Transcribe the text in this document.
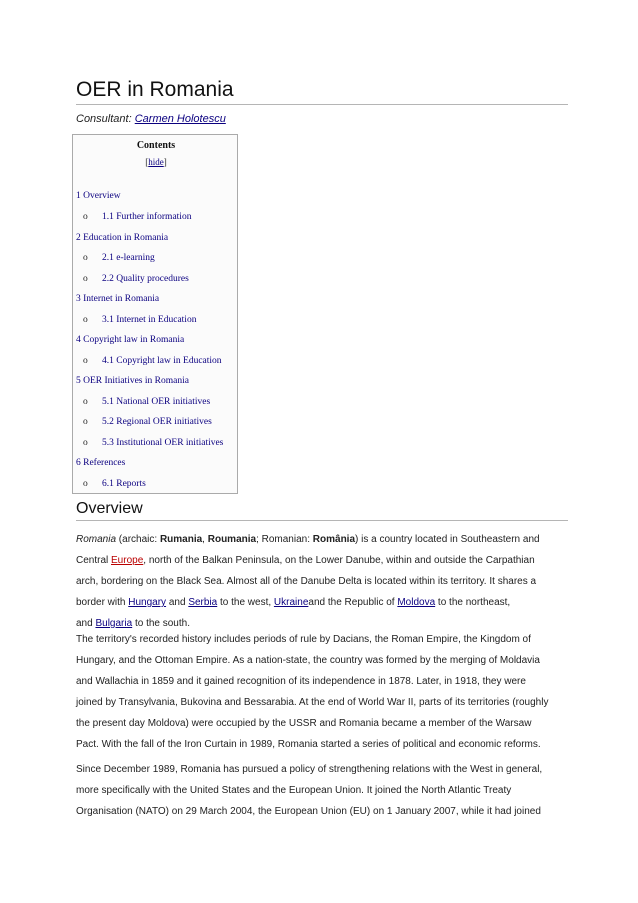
OER in Romania
Consultant: Carmen Holotescu
Contents
[hide]
1 Overview
o 1.1 Further information
2 Education in Romania
o 2.1 e-learning
o 2.2 Quality procedures
3 Internet in Romania
o 3.1 Internet in Education
4 Copyright law in Romania
o 4.1 Copyright law in Education
5 OER Initiatives in Romania
o 5.1 National OER initiatives
o 5.2 Regional OER initiatives
o 5.3 Institutional OER initiatives
6 References
o 6.1 Reports
Overview
Romania (archaic: Rumania, Roumania; Romanian: România) is a country located in Southeastern and
Central Europe, north of the Balkan Peninsula, on the Lower Danube, within and outside the Carpathian
arch, bordering on the Black Sea. Almost all of the Danube Delta is located within its territory. It shares a
border with Hungary and Serbia to the west, Ukraineand the Republic of Moldova to the northeast,
and Bulgaria to the south.
The territory's recorded history includes periods of rule by Dacians, the Roman Empire, the Kingdom of
Hungary, and the Ottoman Empire. As a nation-state, the country was formed by the merging of Moldavia
and Wallachia in 1859 and it gained recognition of its independence in 1878. Later, in 1918, they were
joined by Transylvania, Bukovina and Bessarabia. At the end of World War II, parts of its territories (roughly
the present day Moldova) were occupied by the USSR and Romania became a member of the Warsaw
Pact. With the fall of the Iron Curtain in 1989, Romania started a series of political and economic reforms.
Since December 1989, Romania has pursued a policy of strengthening relations with the West in general,
more specifically with the United States and the European Union. It joined the North Atlantic Treaty
Organisation (NATO) on 29 March 2004, the European Union (EU) on 1 January 2007, while it had joined
